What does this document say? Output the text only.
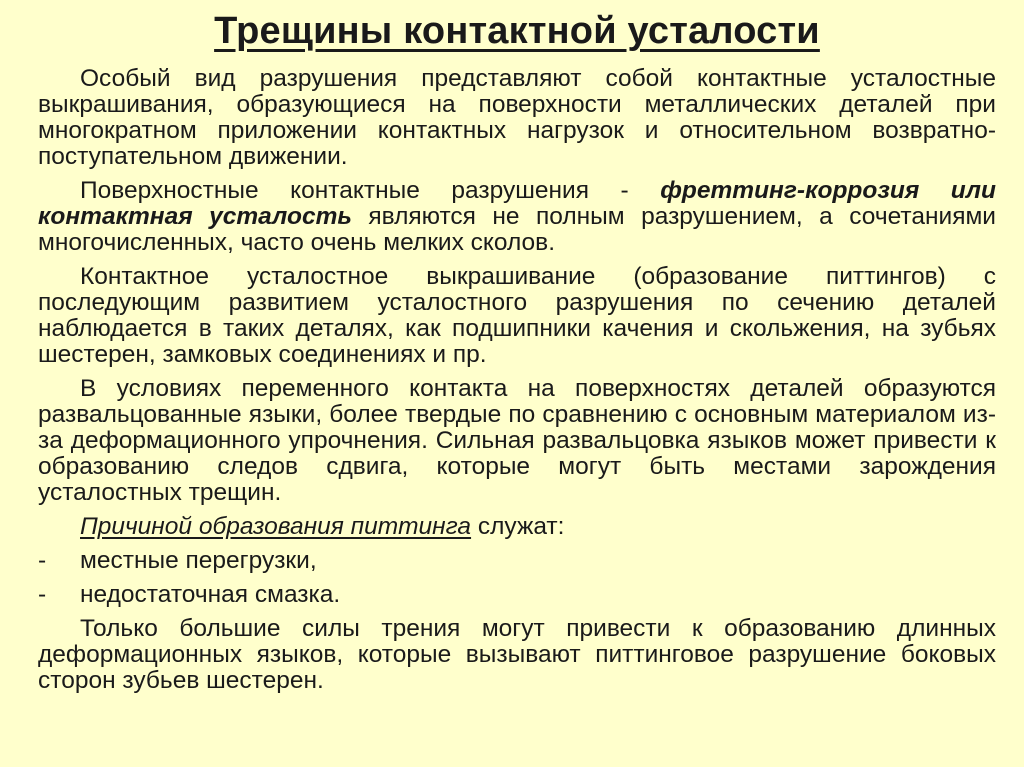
Трещины контактной усталости

Особый вид разрушения представляют собой контактные усталостные выкрашивания, образующиеся на поверхности металлических деталей при многократном приложении контактных нагрузок и относительном возвратно-поступательном движении.

Поверхностные контактные разрушения - фреттинг-коррозия или контактная усталость являются не полным разрушением, а сочетаниями многочисленных, часто очень мелких сколов.

Контактное усталостное выкрашивание (образование питтингов) с последующим развитием усталостного разрушения по сечению деталей наблюдается в таких деталях, как подшипники качения и скольжения, на зубьях шестерен, замковых соединениях и пр.

В условиях переменного контакта на поверхностях деталей образуются развальцованные языки, более твердые по сравнению с основным материалом из-за деформационного упрочнения. Сильная развальцовка языков может привести к образованию следов сдвига, которые могут быть местами зарождения усталостных трещин.

Причиной образования питтинга служат:

-	местные перегрузки,
-	недостаточная смазка.

Только большие силы трения могут привести к образованию длинных деформационных языков, которые вызывают питтинговое разрушение боковых сторон зубьев шестерен.
